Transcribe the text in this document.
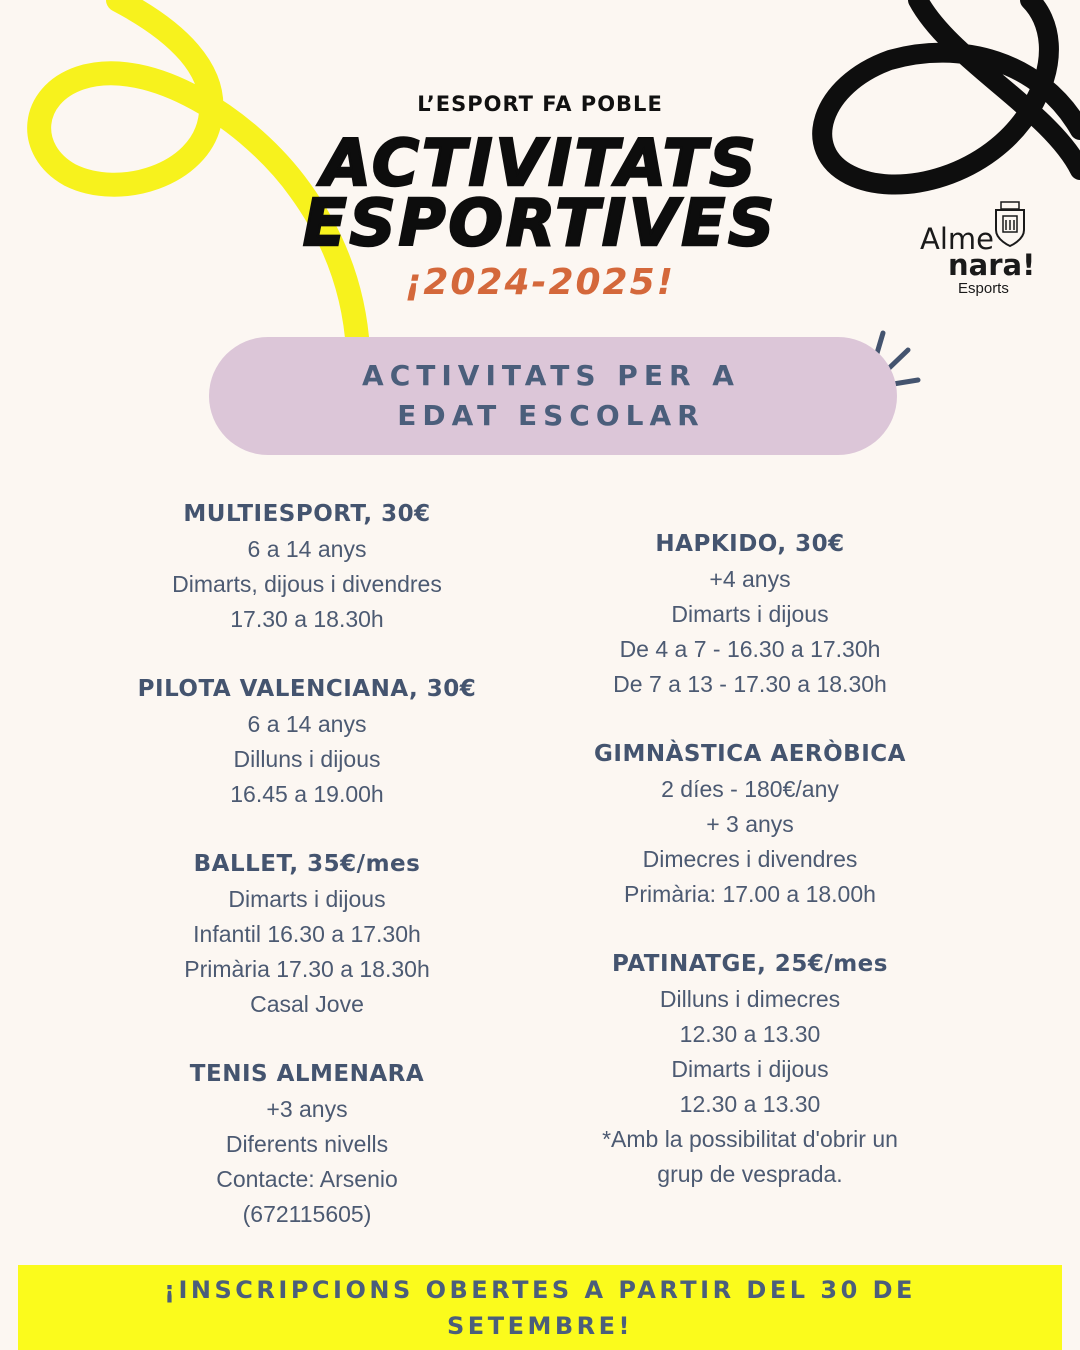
L’ESPORT FA POBLE
ACTIVITATS
ESPORTIVES
¡2024-2025!
Alme
nara!
Esports
ACTIVITATS PER A
EDAT ESCOLAR
MULTIESPORT, 30€
6 a 14 anys
Dimarts, dijous i divendres
17.30 a 18.30h
PILOTA VALENCIANA, 30€
6 a 14 anys
Dilluns i dijous
16.45 a 19.00h
BALLET, 35€/mes
Dimarts i dijous
Infantil 16.30 a 17.30h
Primària 17.30 a 18.30h
Casal Jove
TENIS ALMENARA
+3 anys
Diferents nivells
Contacte: Arsenio
(672115605)
HAPKIDO, 30€
+4 anys
Dimarts i dijous
De 4 a 7 - 16.30 a 17.30h
De 7 a 13 - 17.30 a 18.30h
GIMNÀSTICA AERÒBICA
2 díes - 180€/any
+ 3 anys
Dimecres i divendres
Primària: 17.00 a 18.00h
PATINATGE, 25€/mes
Dilluns i dimecres
12.30 a 13.30
Dimarts i dijous
12.30 a 13.30
*Amb la possibilitat d'obrir un
grup de vesprada.
¡INSCRIPCIONS OBERTES A PARTIR DEL 30 DE
SETEMBRE!
